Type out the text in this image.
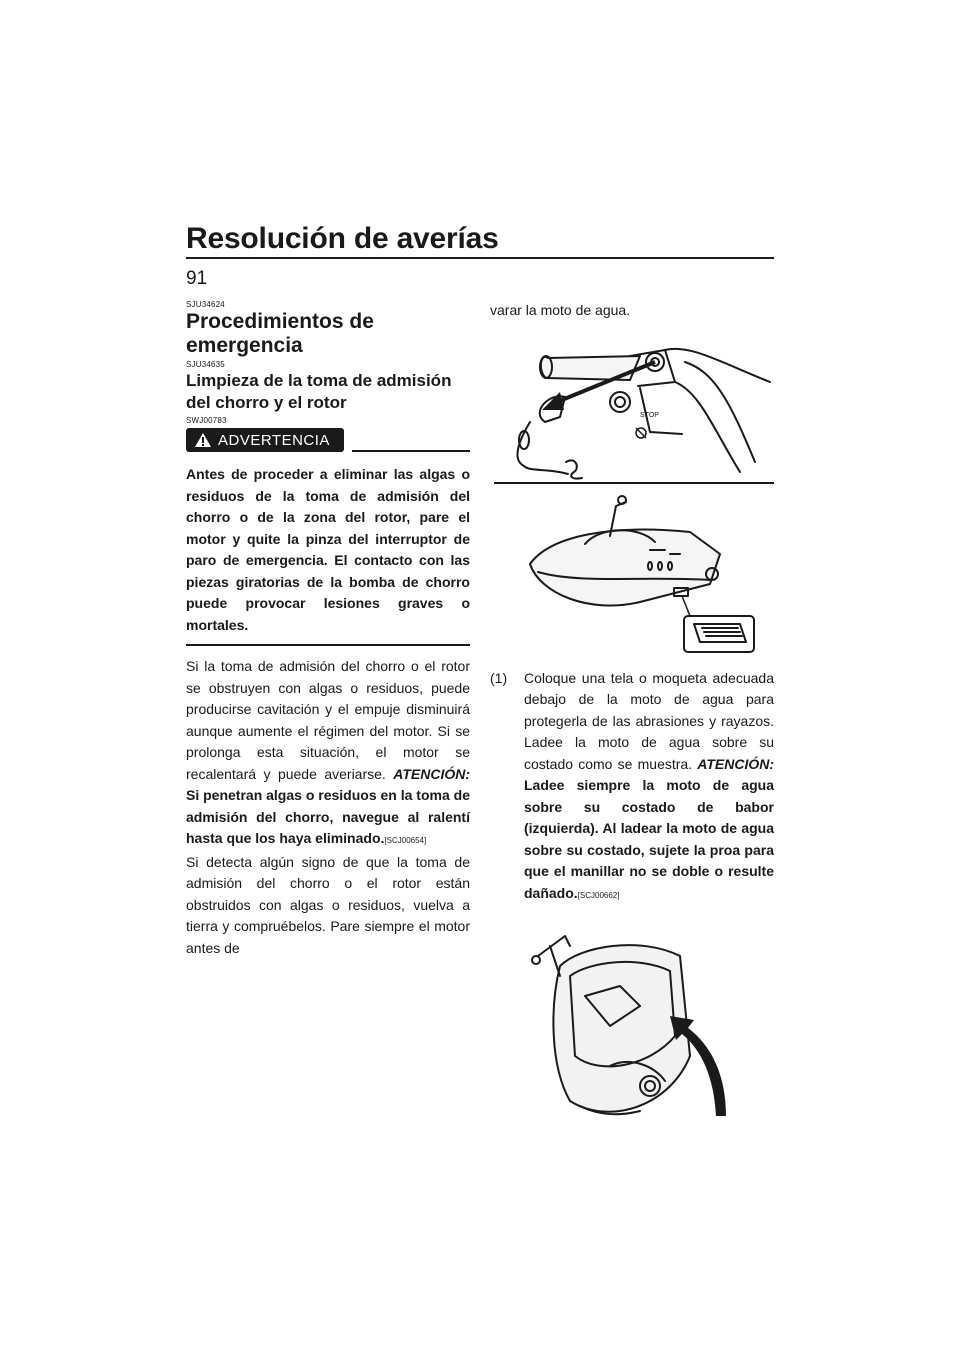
Resolución de averías
91
SJU34624
Procedimientos de emergencia
SJU34635
Limpieza de la toma de admisión del chorro y el rotor
SWJ00783
ADVERTENCIA

Antes de proceder a eliminar las algas o residuos de la toma de admisión del chorro o de la zona del rotor, pare el motor y quite la pinza del interruptor de paro de emergencia. El contacto con las piezas giratorias de la bomba de chorro puede provocar lesiones graves o mortales.

Si la toma de admisión del chorro o el rotor se obstruyen con algas o residuos, puede producirse cavitación y el empuje disminuirá aunque aumente el régimen del motor. Si se prolonga esta situación, el motor se recalentará y puede averiarse. ATENCIÓN: Si penetran algas o residuos en la toma de admisión del chorro, navegue al ralentí hasta que los haya eliminado.[SCJ00654]

Si detecta algún signo de que la toma de admisión del chorro o el rotor están obstruidos con algas o residuos, vuelva a tierra y compruébelos. Pare siempre el motor antes de

varar la moto de agua.

STOP
(1)	Coloque una tela o moqueta adecuada debajo de la moto de agua para protegerla de las abrasiones y rayazos. Ladee la moto de agua sobre su costado como se muestra. ATENCIÓN: Ladee siempre la moto de agua sobre su costado de babor (izquierda). Al ladear la moto de agua sobre su costado, sujete la proa para que el manillar no se doble o resulte dañado.[SCJ00662]
